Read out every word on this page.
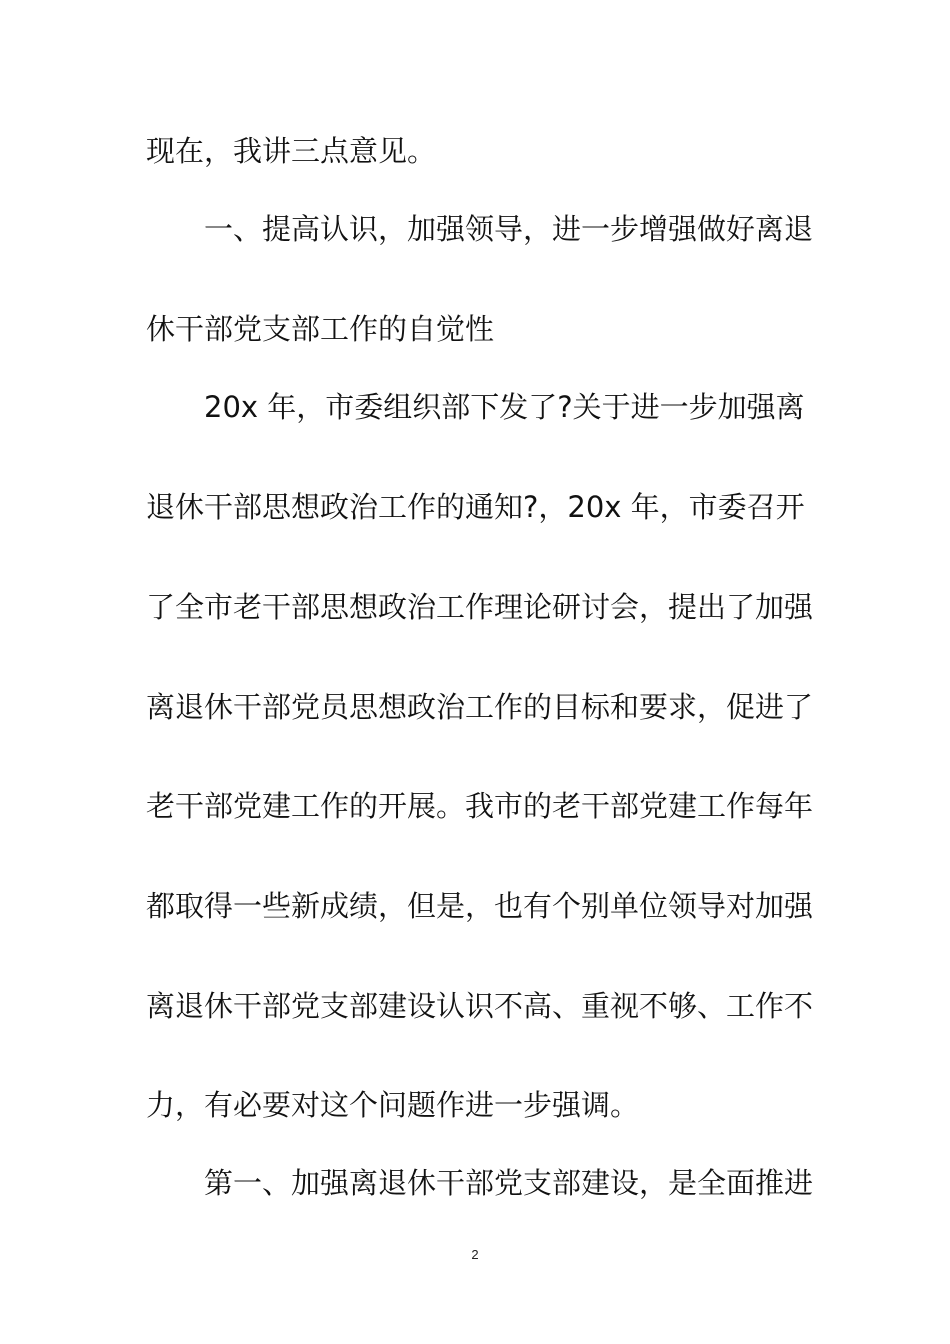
现在，我讲三点意见。

一、提高认识，加强领导，进一步增强做好离退

休干部党支部工作的自觉性

20x 年，市委组织部下发了?关于进一步加强离

退休干部思想政治工作的通知?，20x 年，市委召开

了全市老干部思想政治工作理论研讨会，提出了加强

离退休干部党员思想政治工作的目标和要求，促进了

老干部党建工作的开展。我市的老干部党建工作每年

都取得一些新成绩，但是，也有个别单位领导对加强

离退休干部党支部建设认识不高、重视不够、工作不

力，有必要对这个问题作进一步强调。

第一、加强离退休干部党支部建设，是全面推进

2
